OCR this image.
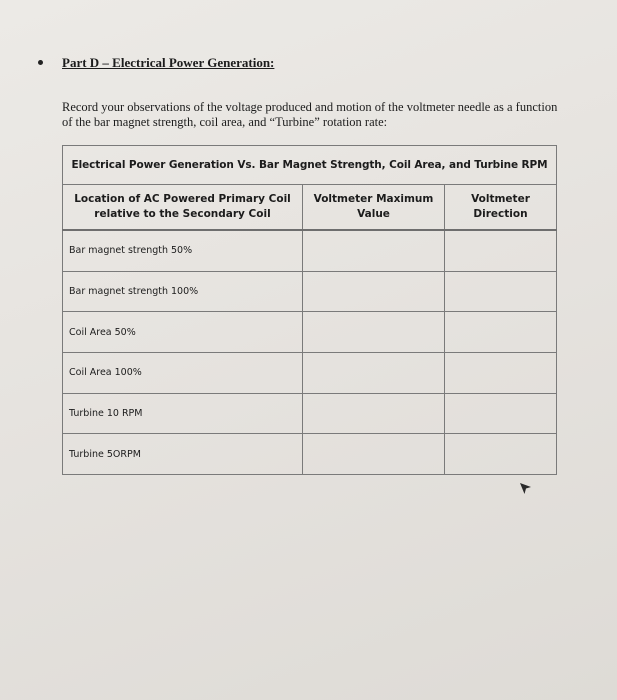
Part D – Electrical Power Generation:
Record your observations of the voltage produced and motion of the voltmeter needle as a function of the bar magnet strength, coil area, and “Turbine” rotation rate:
Electrical Power Generation Vs. Bar Magnet Strength, Coil Area, and Turbine RPM		
Location of AC Powered Primary Coil relative to the Secondary Coil	Voltmeter Maximum Value	Voltmeter Direction
Bar magnet strength 50%		
Bar magnet strength 100%		
Coil Area 50%		
Coil Area 100%		
Turbine 10 RPM		
Turbine 5ORPM		
